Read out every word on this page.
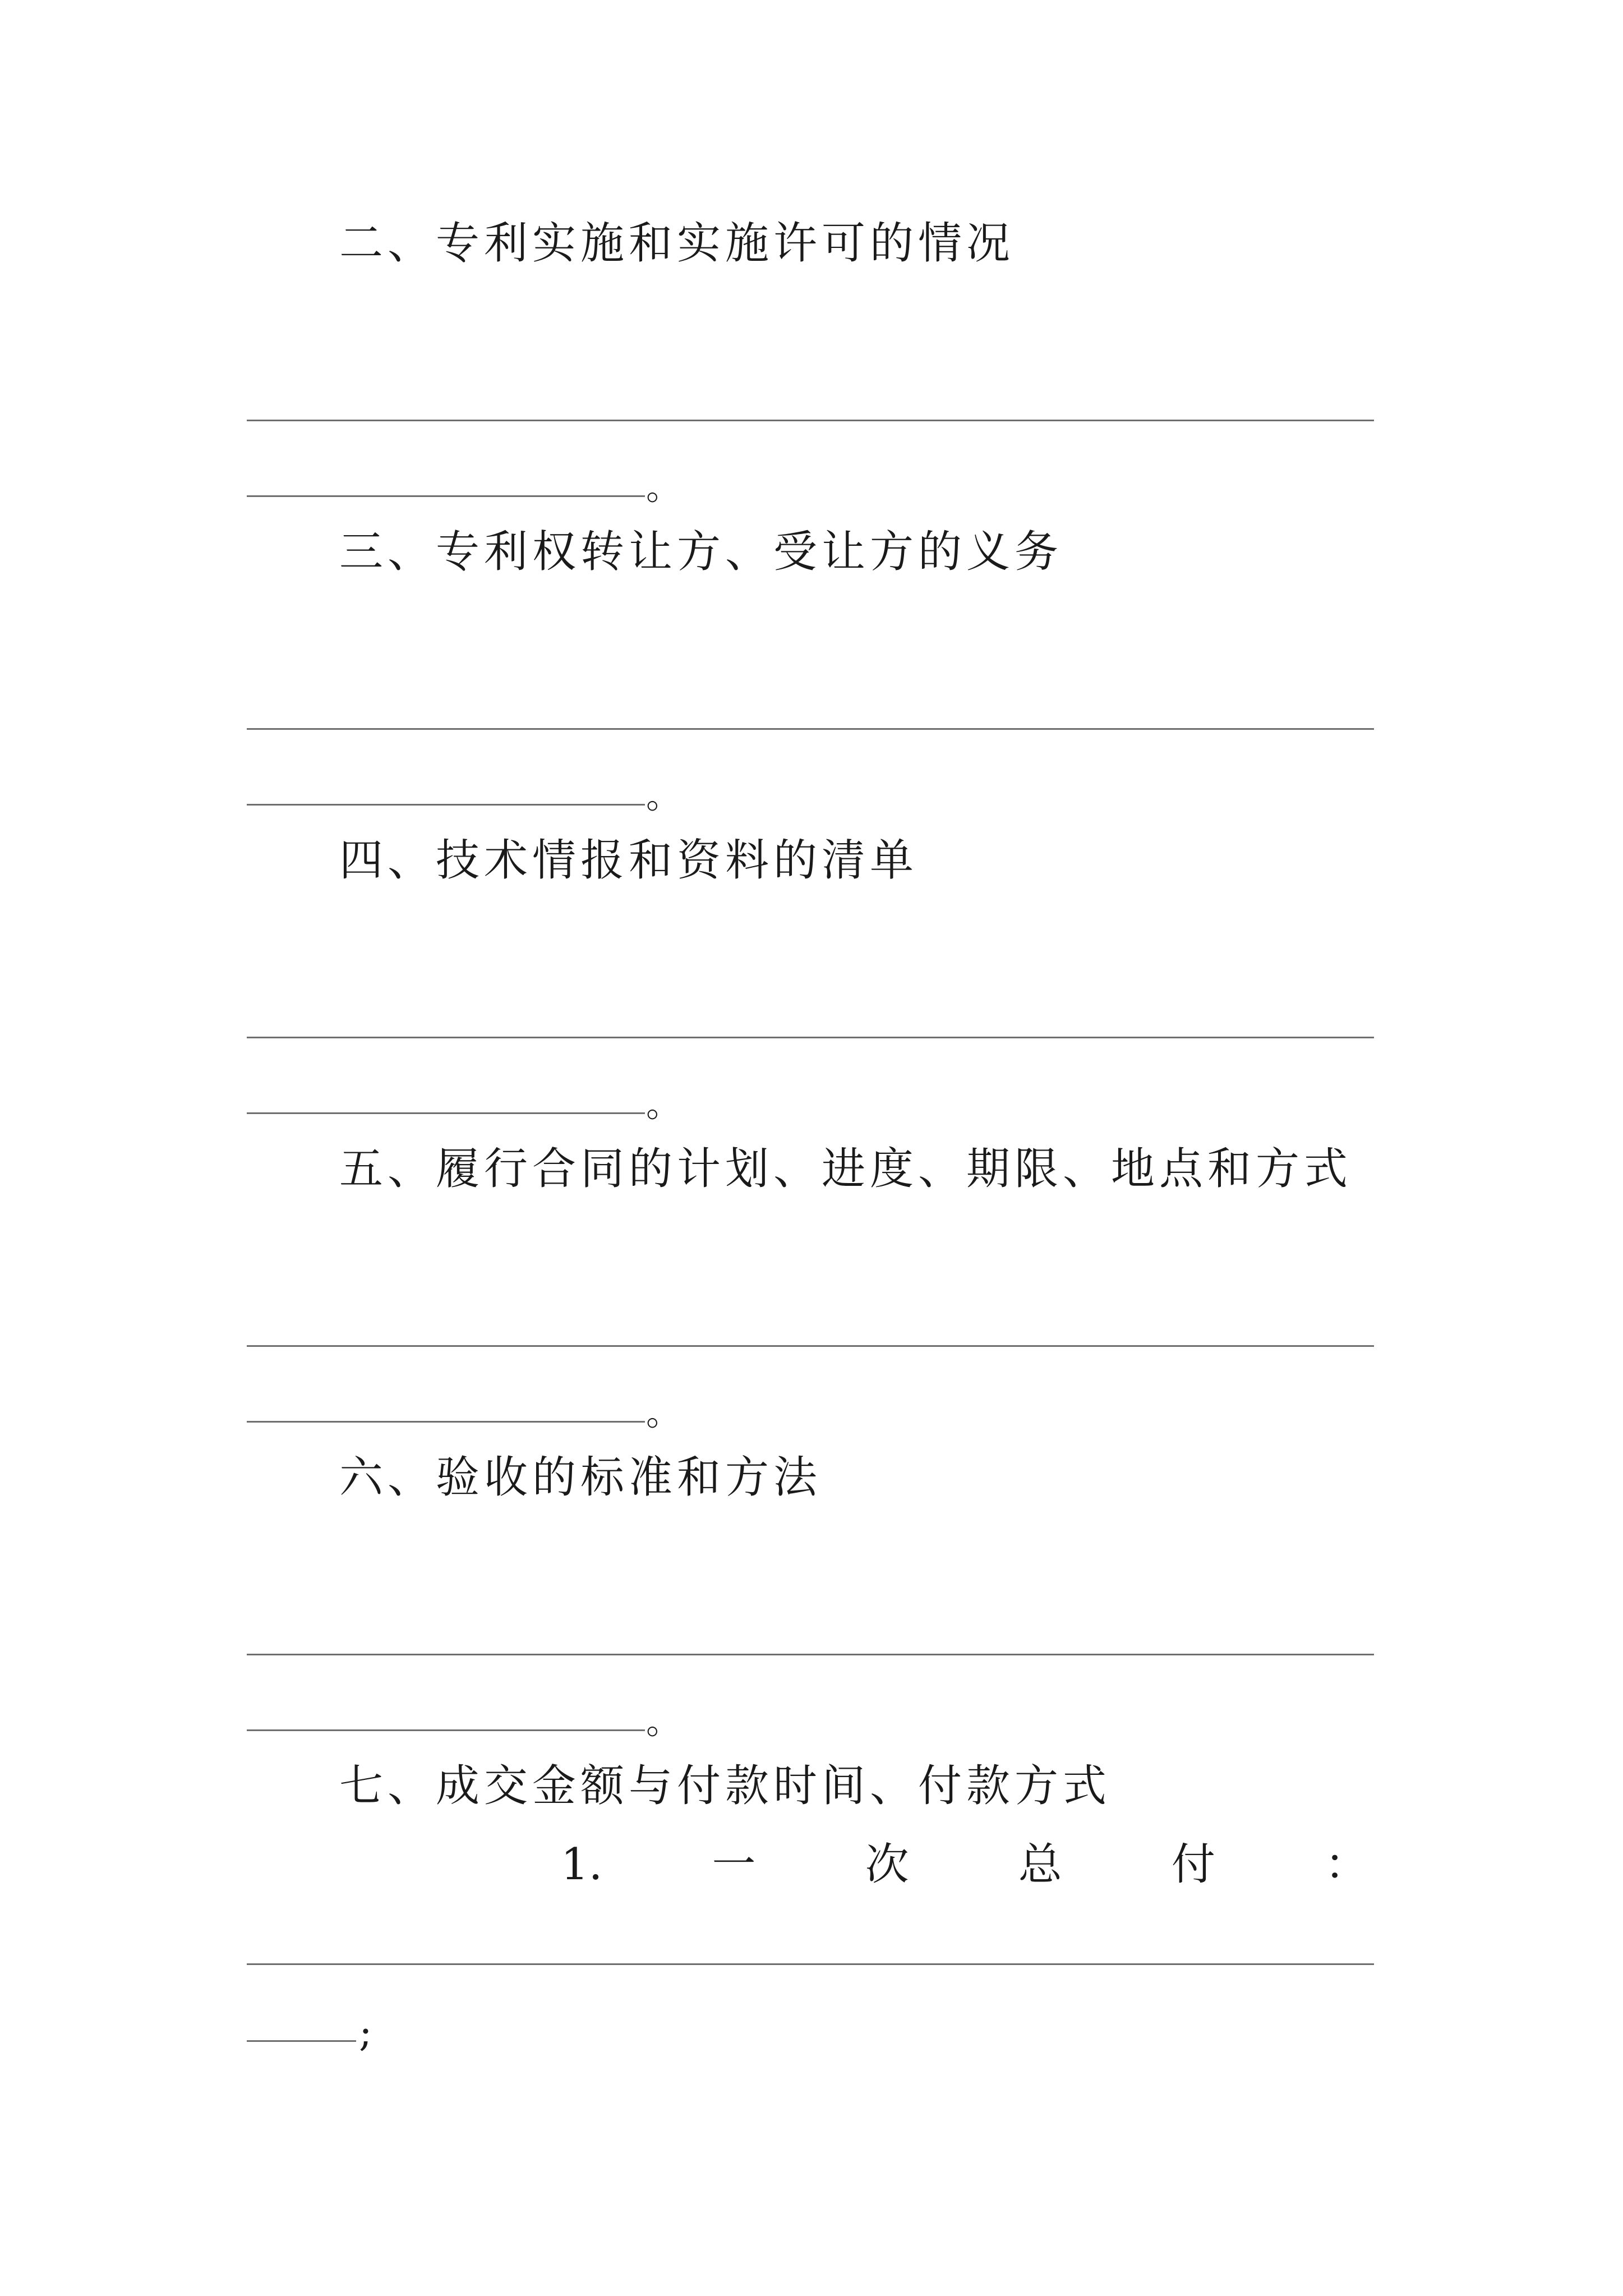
二、专利实施和实施许可的情况
。
三、专利权转让方、受让方的义务
。
四、技术情报和资料的清单
。
五、履行合同的计划、进度、期限、地点和方式
。
六、验收的标准和方法
。
七、成交金额与付款时间、付款方式
1.	一	次	总	付	：
;
